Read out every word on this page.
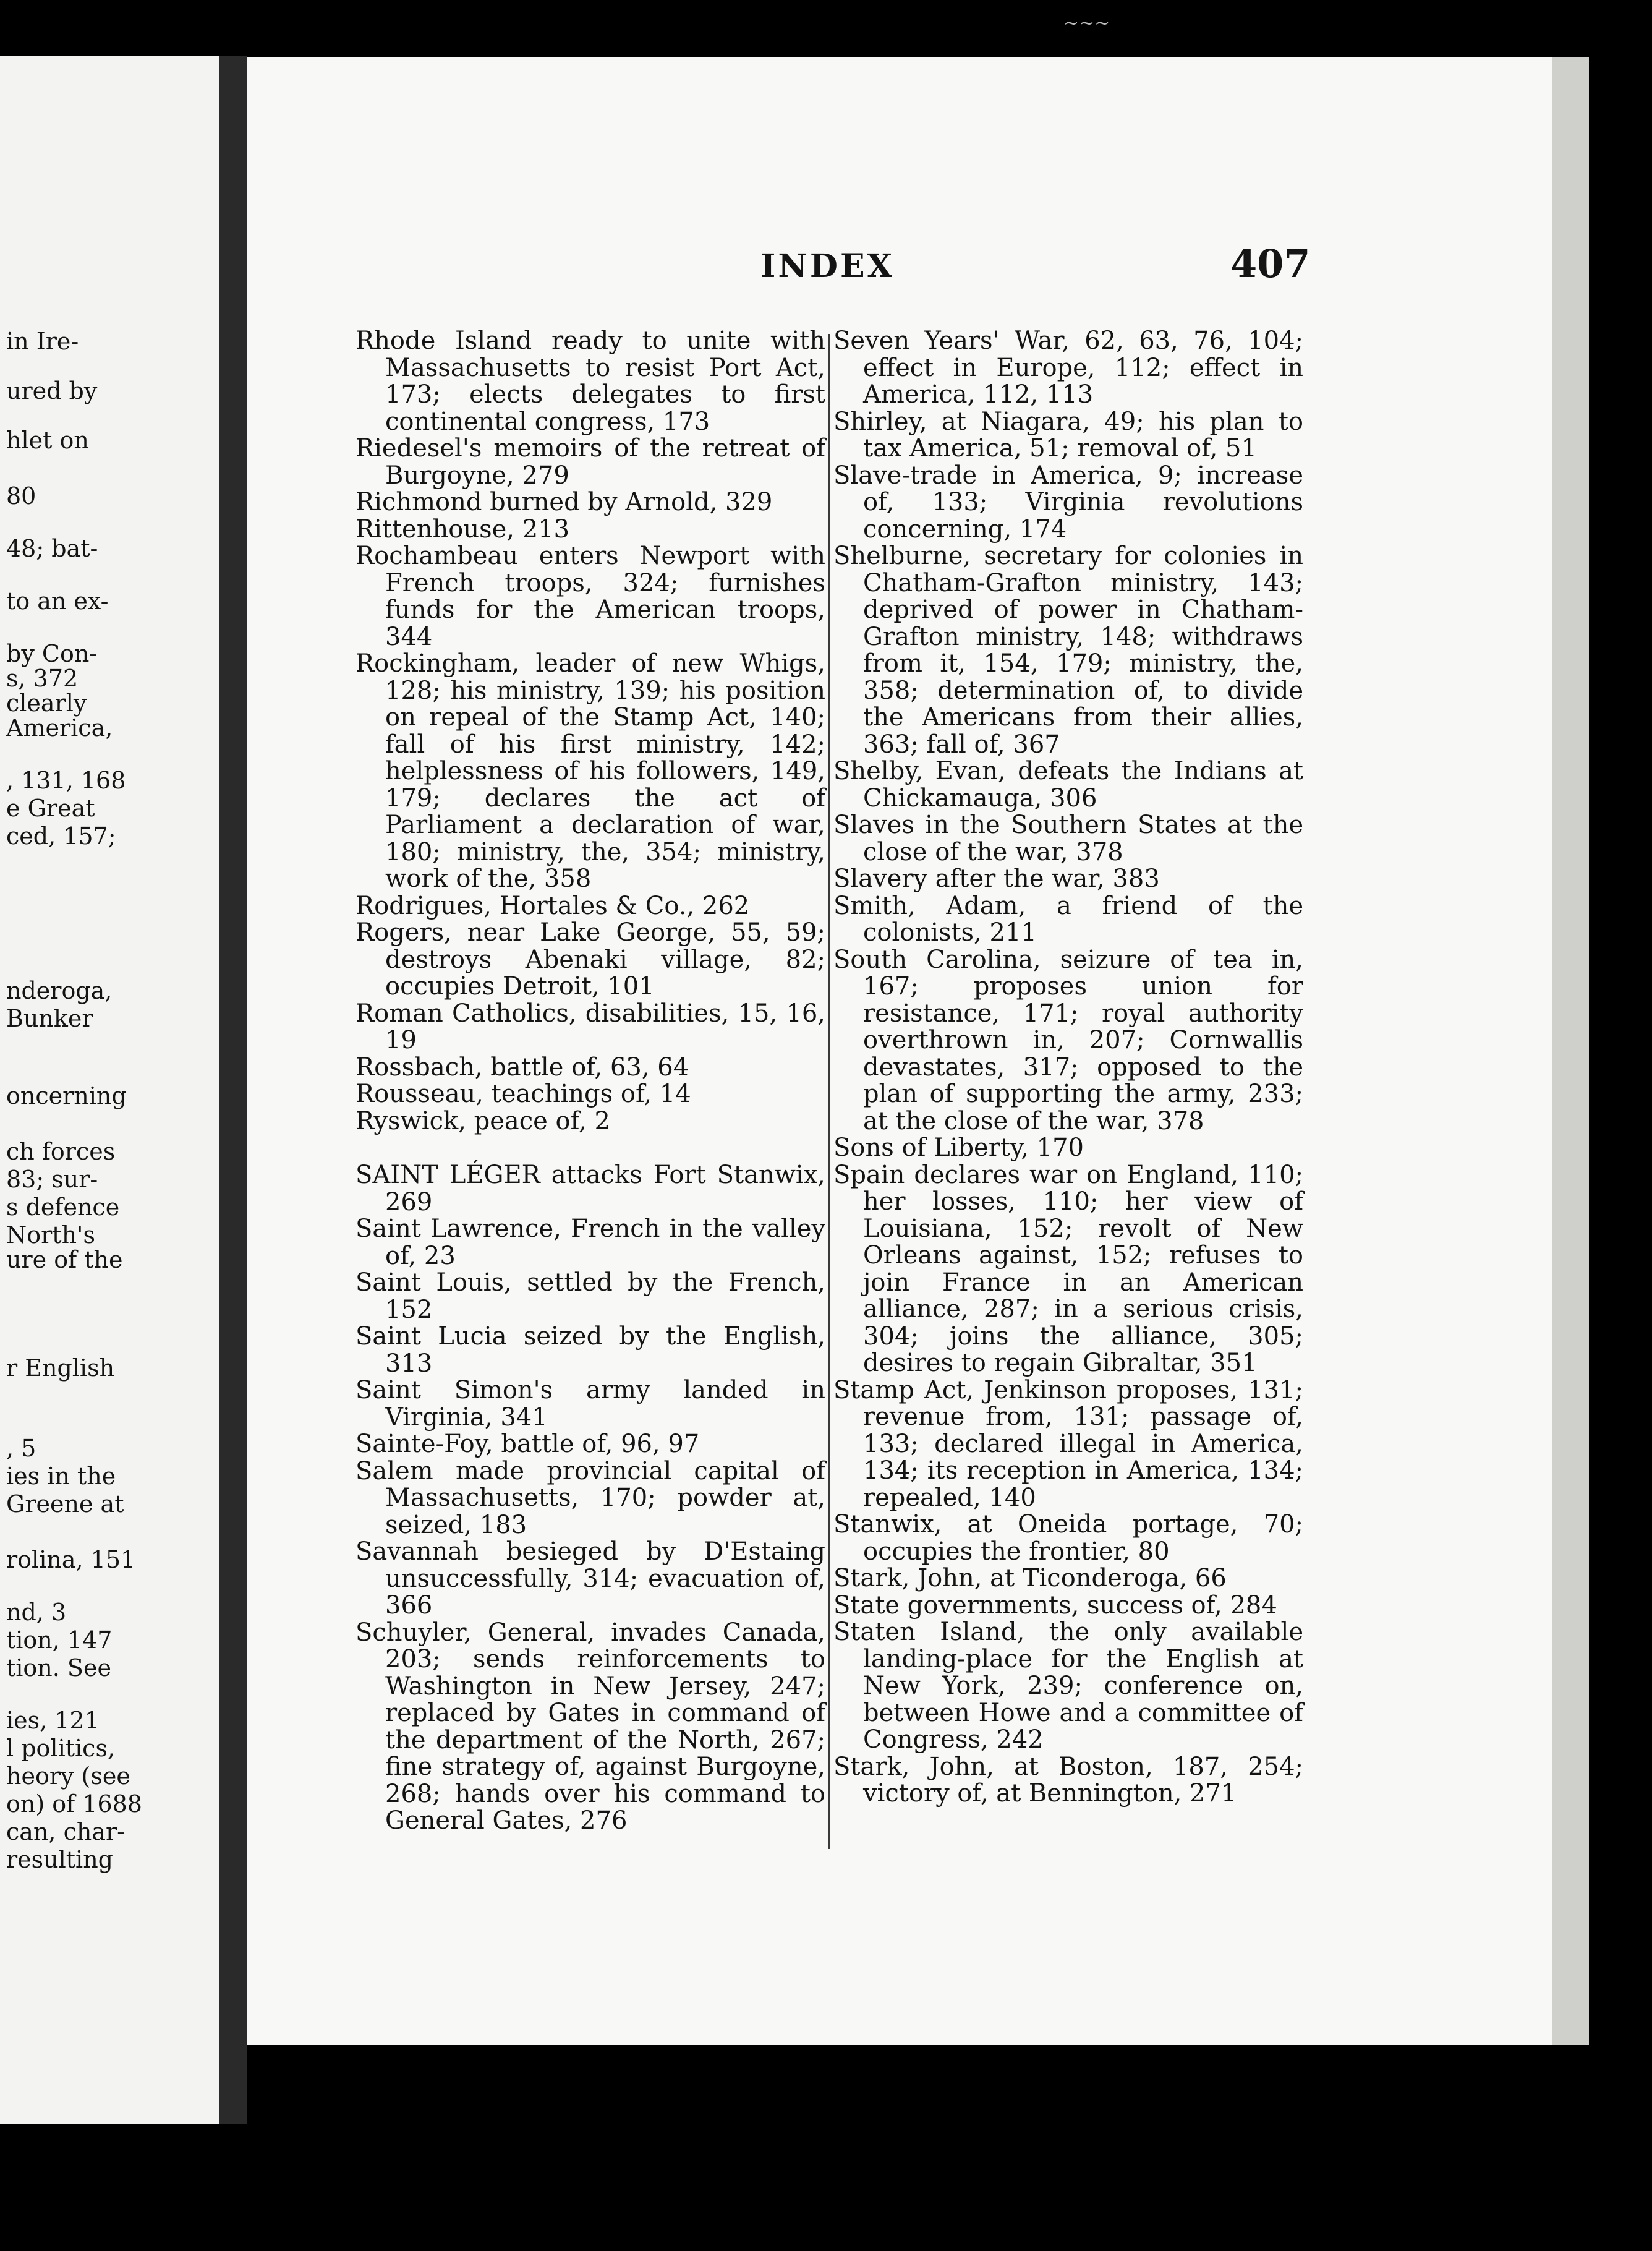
in Ire-
ured by
hlet on
80
48; bat-
to an ex-
by Con-
s, 372
clearly
America,
, 131, 168
e Great
ced, 157;
nderoga,
Bunker
oncerning
ch forces
83; sur-
s defence
North's
ure of the
r English
, 5
ies in the
Greene at
rolina, 151
nd, 3
tion, 147
tion. See
ies, 121
l politics,
heory (see
on) of 1688
can, char-
resulting
~~~
INDEX	407

Rhode Island ready to unite with Massachusetts to resist Port Act, 173; elects delegates to first continental congress, 173

Riedesel's memoirs of the retreat of Burgoyne, 279

Richmond burned by Arnold, 329

Rittenhouse, 213

Rochambeau enters Newport with French troops, 324; furnishes funds for the American troops, 344

Rockingham, leader of new Whigs, 128; his ministry, 139; his position on repeal of the Stamp Act, 140; fall of his first ministry, 142; helplessness of his followers, 149, 179; declares the act of Parliament a declaration of war, 180; ministry, the, 354; ministry, work of the, 358

Rodrigues, Hortales & Co., 262

Rogers, near Lake George, 55, 59; destroys Abenaki village, 82; occupies Detroit, 101

Roman Catholics, disabilities, 15, 16, 19

Rossbach, battle of, 63, 64

Rousseau, teachings of, 14

Ryswick, peace of, 2

SAINT LÉGER attacks Fort Stanwix, 269

Saint Lawrence, French in the valley of, 23

Saint Louis, settled by the French, 152

Saint Lucia seized by the English, 313

Saint Simon's army landed in Virginia, 341

Sainte-Foy, battle of, 96, 97

Salem made provincial capital of Massachusetts, 170; powder at, seized, 183

Savannah besieged by D'Estaing unsuccessfully, 314; evacuation of, 366

Schuyler, General, invades Canada, 203; sends reinforcements to Washington in New Jersey, 247; replaced by Gates in command of the department of the North, 267; fine strategy of, against Burgoyne, 268; hands over his command to General Gates, 276

Seven Years' War, 62, 63, 76, 104; effect in Europe, 112; effect in America, 112, 113

Shirley, at Niagara, 49; his plan to tax America, 51; removal of, 51

Slave-trade in America, 9; increase of, 133; Virginia revolutions concerning, 174

Shelburne, secretary for colonies in Chatham-Grafton ministry, 143; deprived of power in Chatham-Grafton ministry, 148; withdraws from it, 154, 179; ministry, the, 358; determination of, to divide the Americans from their allies, 363; fall of, 367

Shelby, Evan, defeats the Indians at Chickamauga, 306

Slaves in the Southern States at the close of the war, 378

Slavery after the war, 383

Smith, Adam, a friend of the colonists, 211

South Carolina, seizure of tea in, 167; proposes union for resistance, 171; royal authority overthrown in, 207; Cornwallis devastates, 317; opposed to the plan of supporting the army, 233; at the close of the war, 378

Sons of Liberty, 170

Spain declares war on England, 110; her losses, 110; her view of Louisiana, 152; revolt of New Orleans against, 152; refuses to join France in an American alliance, 287; in a serious crisis, 304; joins the alliance, 305; desires to regain Gibraltar, 351

Stamp Act, Jenkinson proposes, 131; revenue from, 131; passage of, 133; declared illegal in America, 134; its reception in America, 134; repealed, 140

Stanwix, at Oneida portage, 70; occupies the frontier, 80

Stark, John, at Ticonderoga, 66

State governments, success of, 284

Staten Island, the only available landing-place for the English at New York, 239; conference on, between Howe and a committee of Congress, 242

Stark, John, at Boston, 187, 254; victory of, at Bennington, 271
